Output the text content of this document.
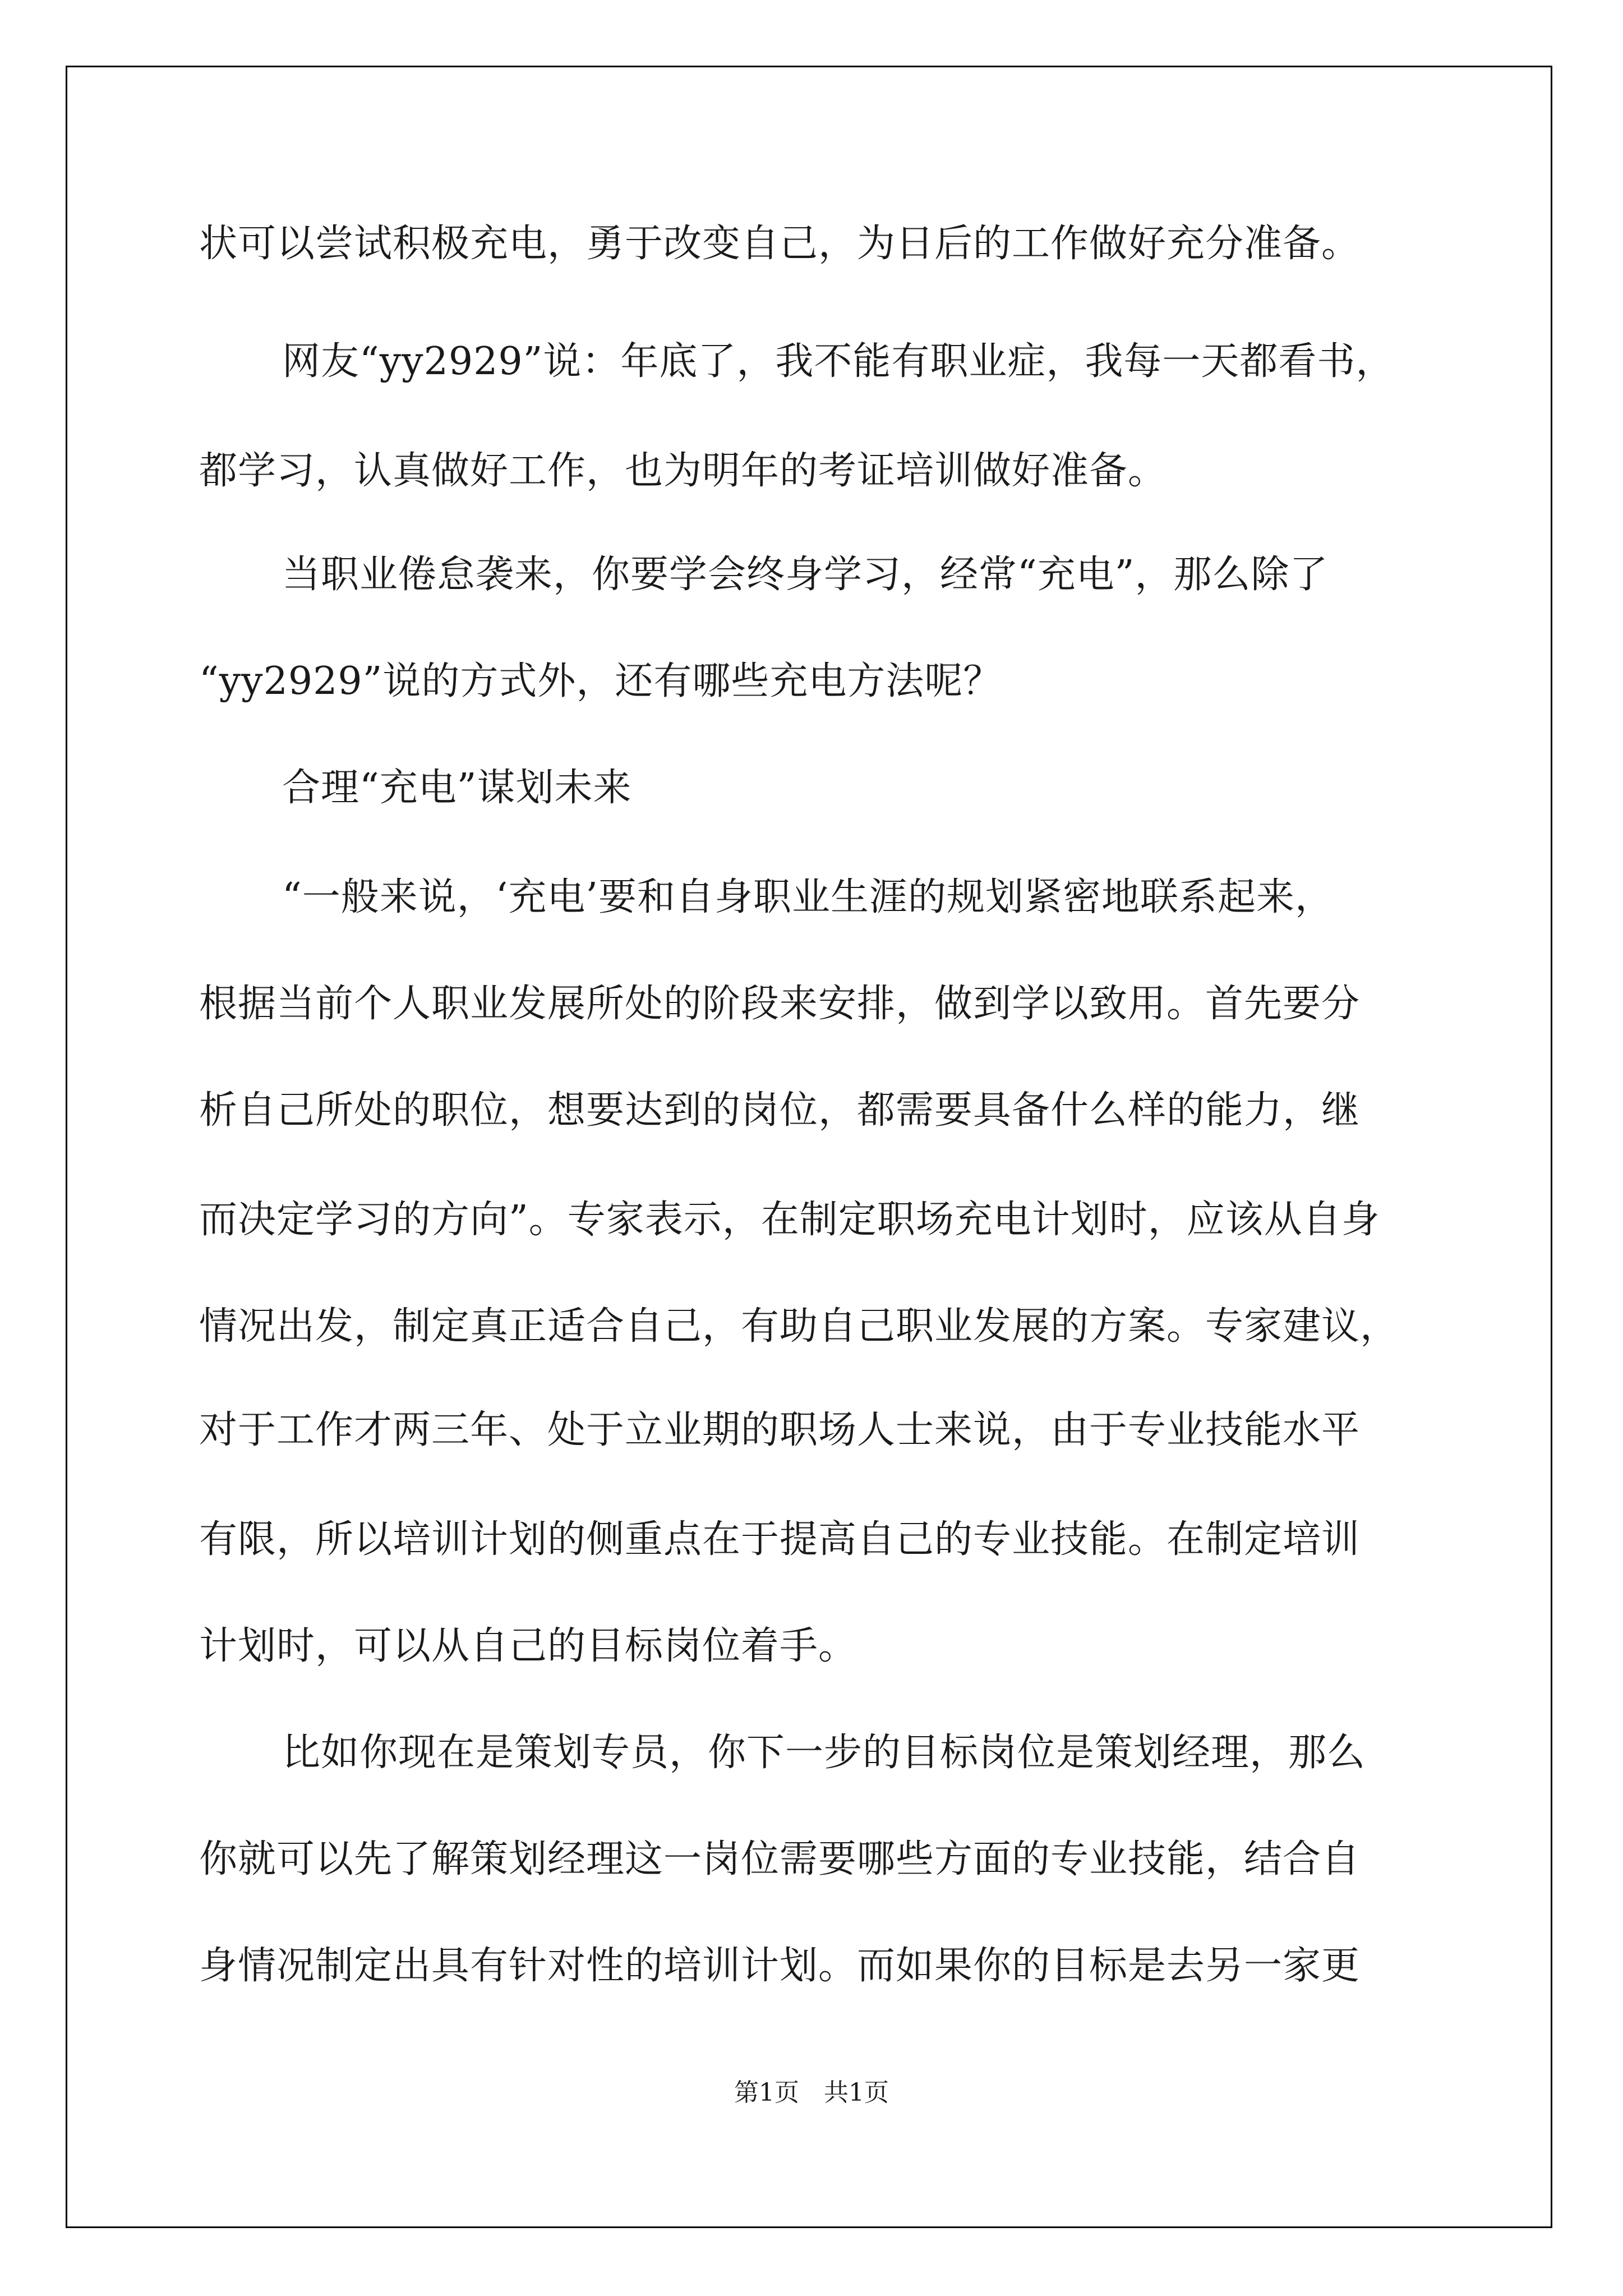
状可以尝试积极充电，勇于改变自己，为日后的工作做好充分准备。
网友“yy2929”说：年底了，我不能有职业症，我每一天都看书，
都学习，认真做好工作，也为明年的考证培训做好准备。
当职业倦怠袭来，你要学会终身学习，经常“充电”，那么除了
“yy2929”说的方式外，还有哪些充电方法呢？
合理“充电”谋划未来
“一般来说，‘充电’要和自身职业生涯的规划紧密地联系起来，
根据当前个人职业发展所处的阶段来安排，做到学以致用。首先要分
析自己所处的职位，想要达到的岗位，都需要具备什么样的能力，继
而决定学习的方向”。专家表示，在制定职场充电计划时，应该从自身
情况出发，制定真正适合自己，有助自己职业发展的方案。专家建议，
对于工作才两三年、处于立业期的职场人士来说，由于专业技能水平
有限，所以培训计划的侧重点在于提高自己的专业技能。在制定培训
计划时，可以从自己的目标岗位着手。
比如你现在是策划专员，你下一步的目标岗位是策划经理，那么
你就可以先了解策划经理这一岗位需要哪些方面的专业技能，结合自
身情况制定出具有针对性的培训计划。而如果你的目标是去另一家更
第1页　共1页
